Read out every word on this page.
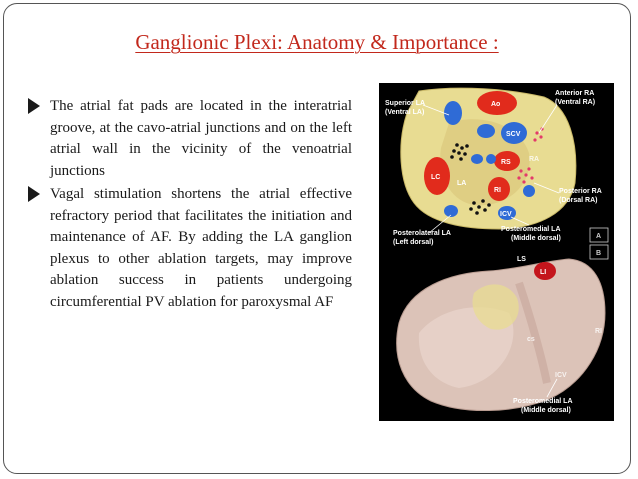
Ganglionic Plexi: Anatomy & Importance :
The atrial fat pads are located in the interatrial groove, at the cavo-atrial junctions and on the left atrial wall in the vicinity of the venoatrial junctions
Vagal stimulation shortens the atrial effective refractory period that facilitates the initiation and maintenance of AF. By adding the LA ganglion plexus to other ablation targets, may improve ablation success in patients undergoing circumferential PV ablation for paroxysmal AF
Superior LA
(Ventral LA)
Anterior RA
(Ventral RA)
Posterior RA
(Dorsal RA)
Posterolateral LA
(Left dorsal)
Posteromedial LA
(Middle dorsal)
Ao
SCV
RS	RA
LC
LA
RI
ICV
A
B
LI
LS
RI
cs
ICV
Posteromedial LA
(Middle dorsal)
